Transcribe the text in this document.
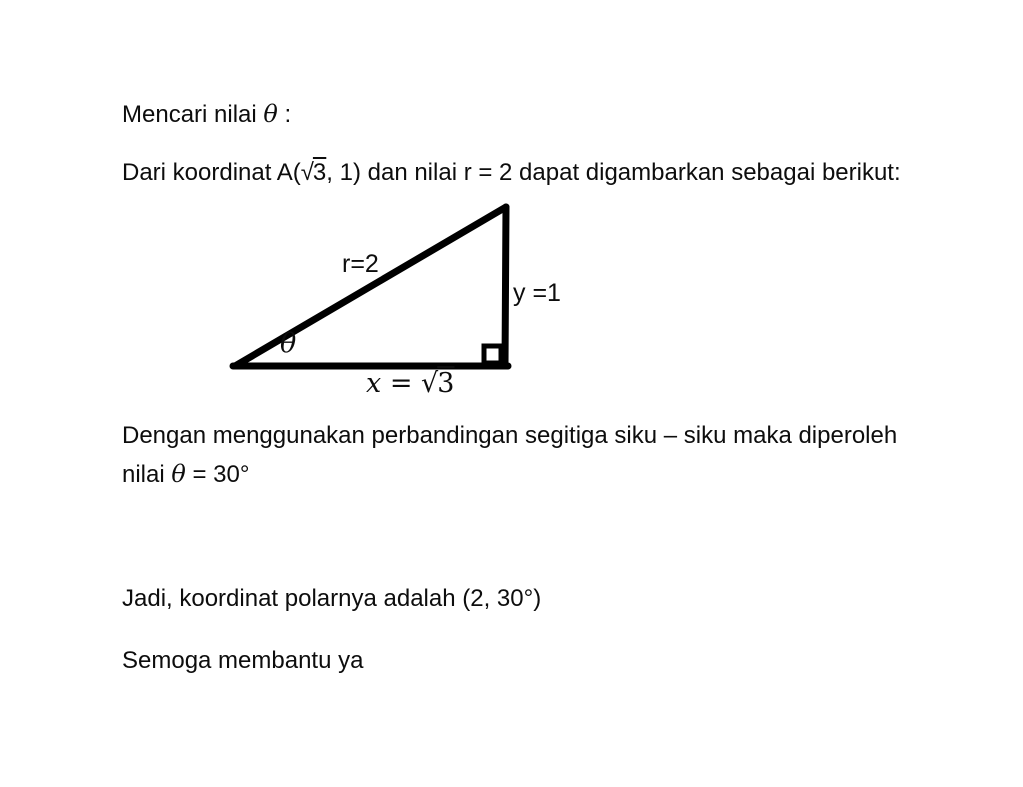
Mencari nilai θ :
Dari koordinat A(√3, 1) dan nilai r = 2 dapat digambarkan sebagai berikut:
r=2
y =1
θ
x = √3
Dengan menggunakan perbandingan segitiga siku – siku maka diperoleh
nilai θ = 30°
Jadi, koordinat polarnya adalah (2, 30°)
Semoga membantu ya
